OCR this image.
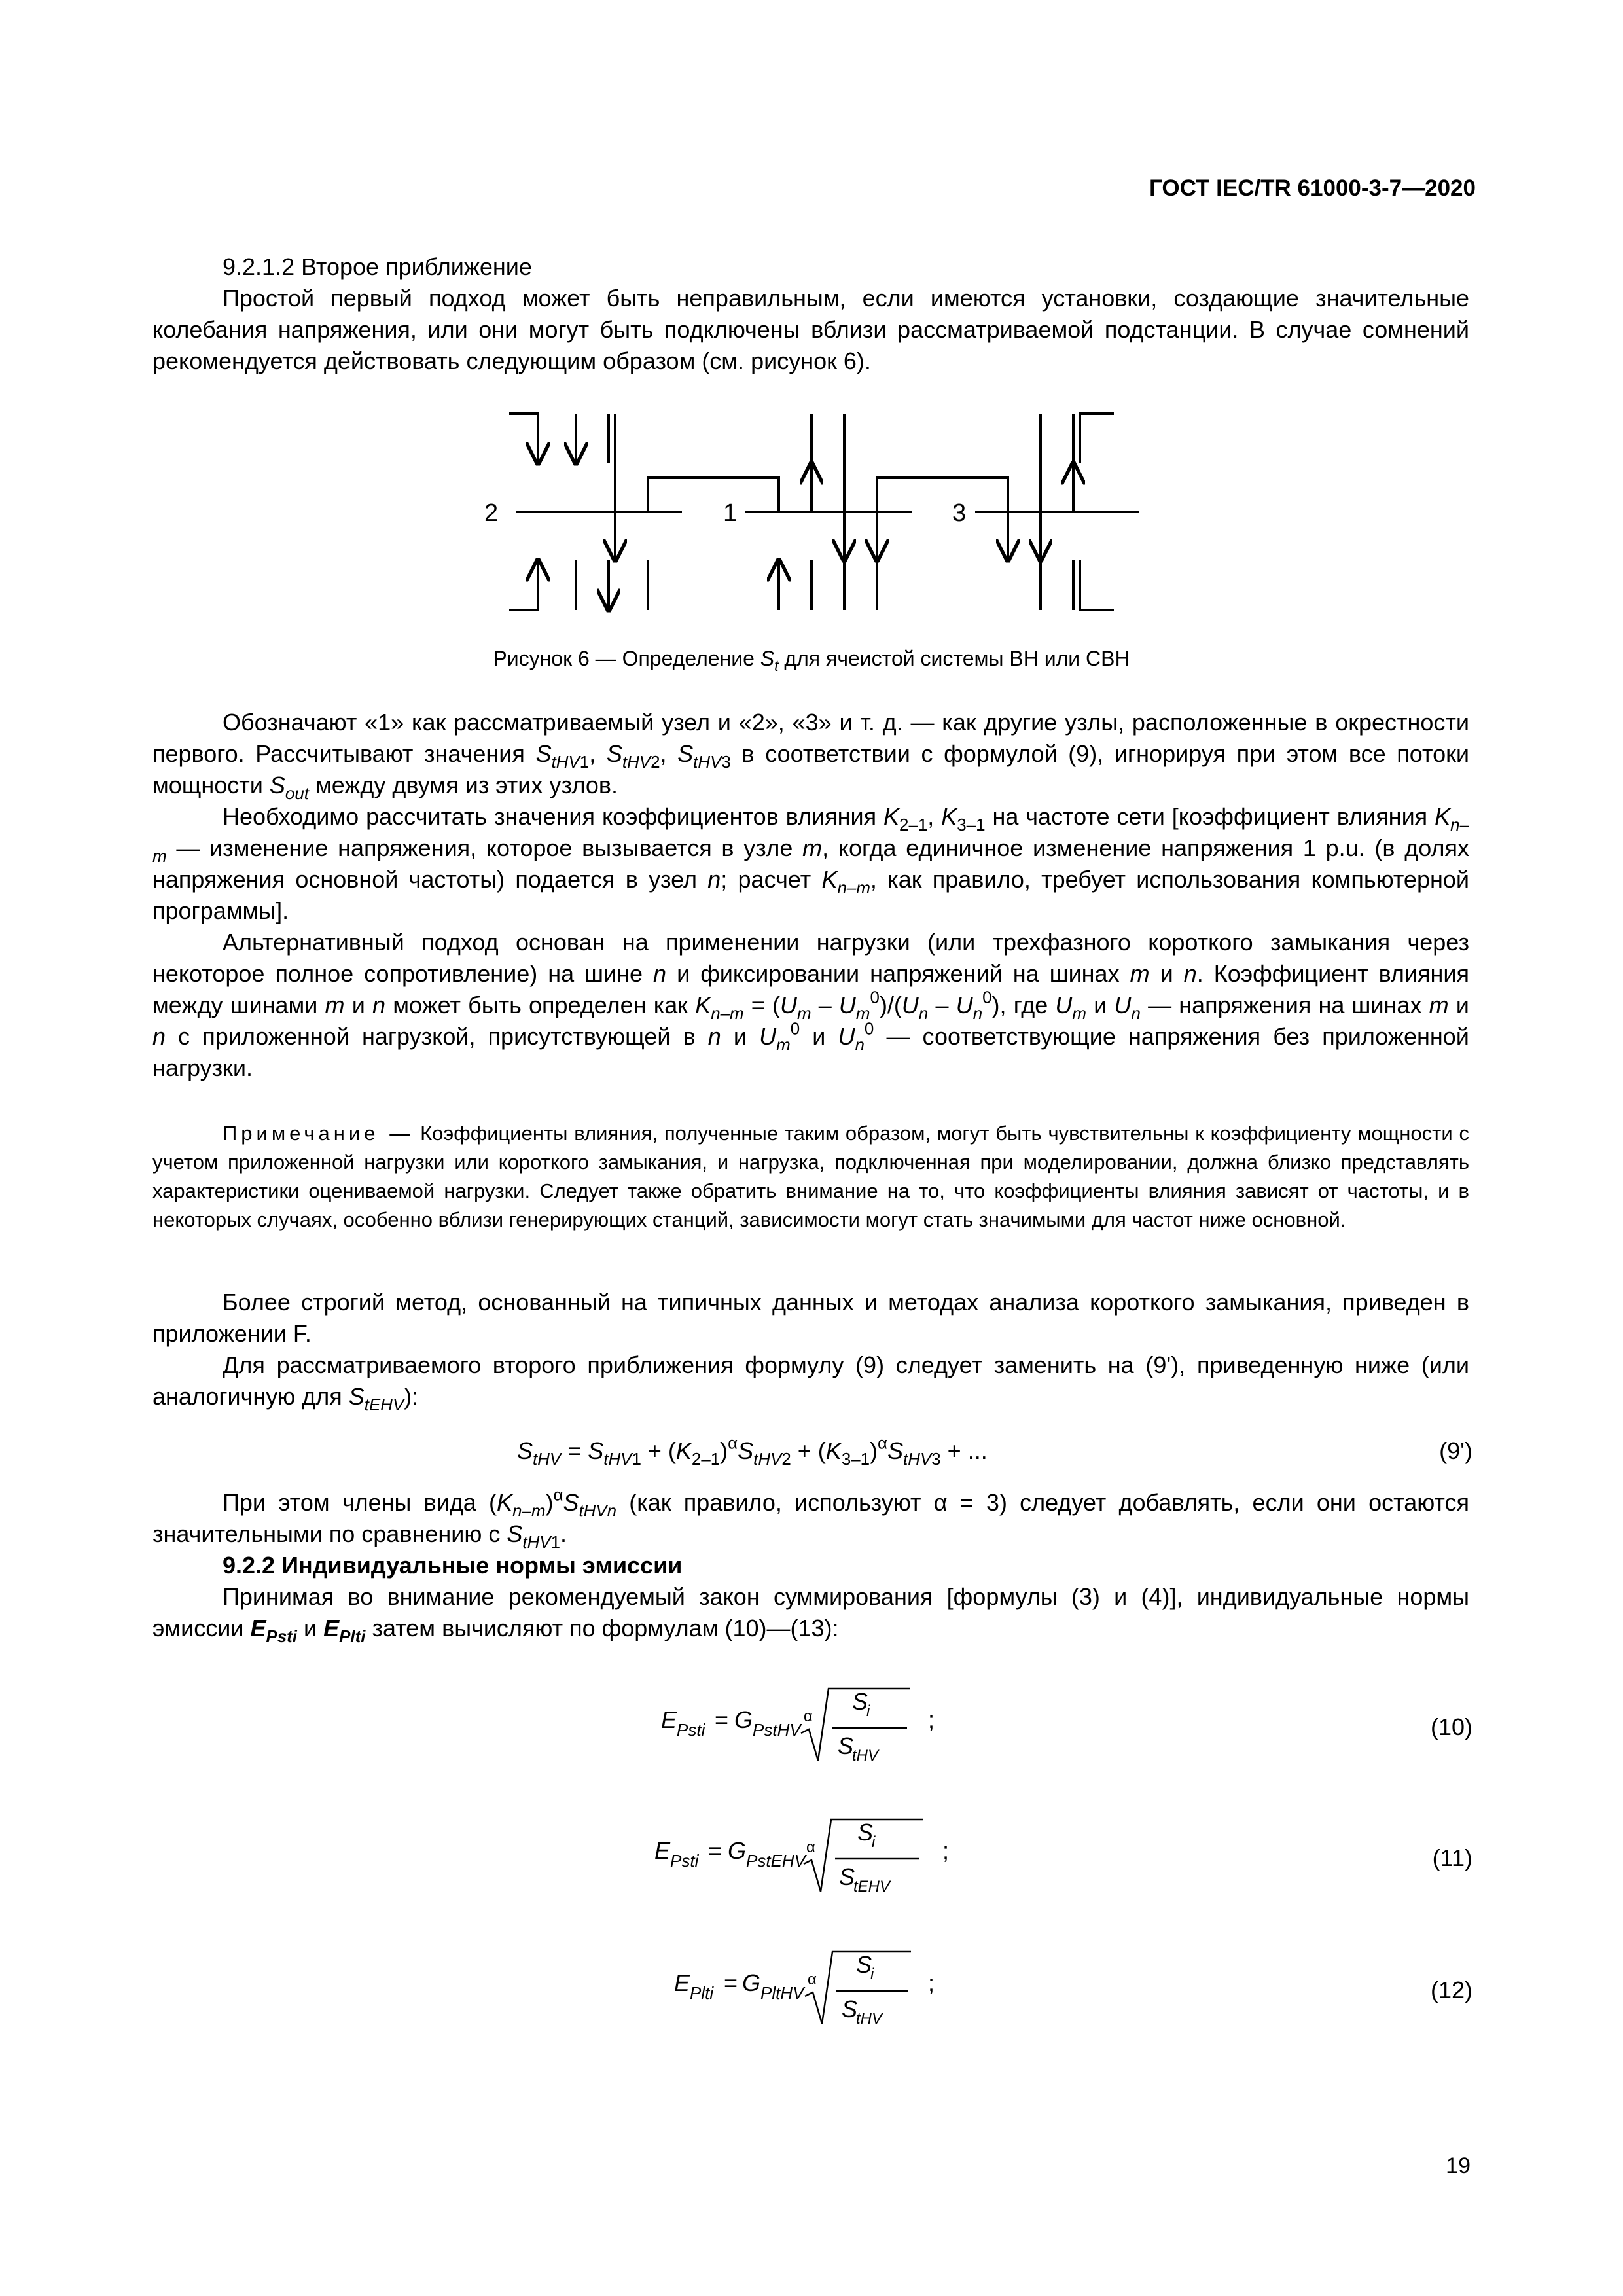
ГОСТ IEC/TR 61000-3-7—2020

9.2.1.2 Второе приближение

Простой первый подход может быть неправильным, если имеются установки, создающие значительные колебания напряжения, или они могут быть подключены вблизи рассматриваемой подстанции. В случае сомнений рекомендуется действовать следующим образом (см. рисунок 6).

2	1	3
Рисунок 6 — Определение $S_t$ для ячеистой системы ВН или СВН

Обозначают «1» как рассматриваемый узел и «2», «3» и т. д. — как другие узлы, расположенные в окрестности первого. Рассчитывают значения $S_{tHV1}$, $S_{tHV2}$, $S_{tHV3}$ в соответствии с формулой (9), игнорируя при этом все потоки мощности $S_{out}$ между двумя из этих узлов.

Необходимо рассчитать значения коэффициентов влияния $K_{2-1}$, $K_{3-1}$ на частоте сети [коэффициент влияния $K_{n-m}$ — изменение напряжения, которое вызывается в узле m, когда единичное изменение напряжения 1 p.u. (в долях напряжения основной частоты) подается в узел n; расчет $K_{n-m}$, как правило, требует использования компьютерной программы].

Альтернативный подход основан на применении нагрузки (или трехфазного короткого замыкания через некоторое полное сопротивление) на шине n и фиксировании напряжений на шинах m и n. Коэффициент влияния между шинами m и n может быть определен как $K_{n-m} = (U_m - U_m^0)/(U_n - U_n^0)$, где $U_m$ и $U_n$ — напряжения на шинах m и n с приложенной нагрузкой, присутствующей в n и $U_m^0$ и $U_n^0$ — соответствующие напряжения без приложенной нагрузки.

Примечание — Коэффициенты влияния, полученные таким образом, могут быть чувствительны к коэффициенту мощности с учетом приложенной нагрузки или короткого замыкания, и нагрузка, подключенная при моделировании, должна близко представлять характеристики оцениваемой нагрузки. Следует также обратить внимание на то, что коэффициенты влияния зависят от частоты, и в некоторых случаях, особенно вблизи генерирующих станций, зависимости могут стать значимыми для частот ниже основной.

Более строгий метод, основанный на типичных данных и методах анализа короткого замыкания, приведен в приложении F.

Для рассматриваемого второго приближения формулу (9) следует заменить на (9'), приведенную ниже (или аналогичную для $S_{tEHV}$):

$S_{tHV} = S_{tHV1} + (K_{2-1})^\alpha S_{tHV2} + (K_{3-1})^\alpha S_{tHV3}$ + ...	(9')

При этом члены вида $(K_{n-m})^\alpha S_{tHVn}$ (как правило, используют α = 3) следует добавлять, если они остаются значительными по сравнению с $S_{tHV1}$.

9.2.2 Индивидуальные нормы эмиссии

Принимая во внимание рекомендуемый закон суммирования [формулы (3) и (4)], индивидуальные нормы эмиссии $E_{Psti}$ и $E_{Plti}$ затем вычисляют по формулам (10)—(13):

E Psti = G PstHV
α
S
i
S
tHV
;	(10)
E Psti = G PstEHV
α
S
i
S
tEHV
;	(11)
E Plti = G PltHV
α
S
i
S
tHV
;	(12)
19
